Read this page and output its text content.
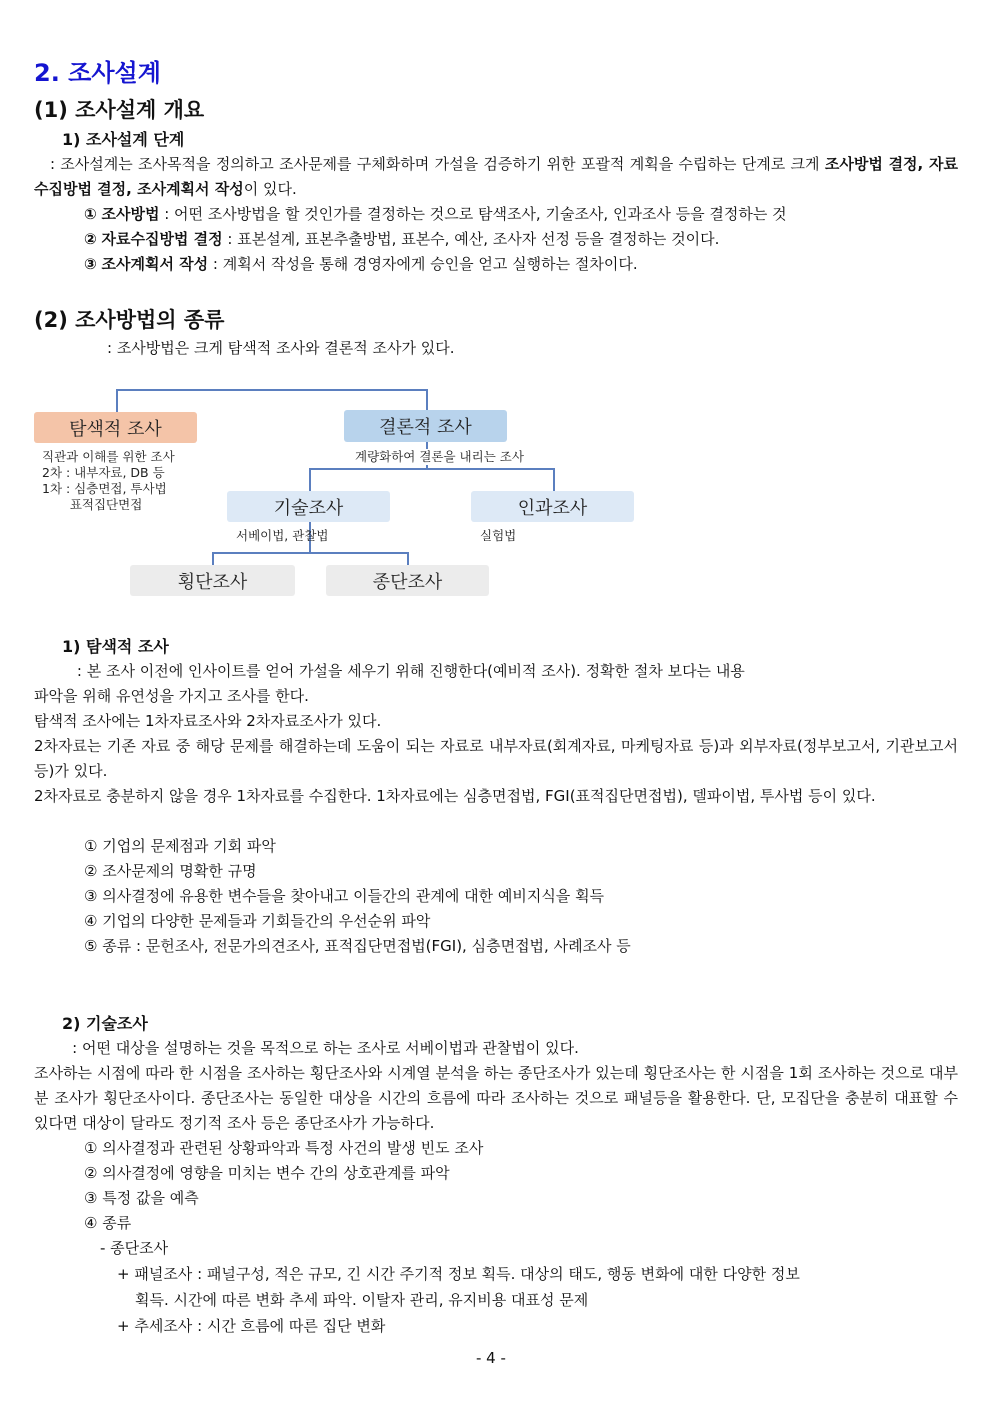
2. 조사설계
(1) 조사설계 개요
1) 조사설계 단계
: 조사설계는 조사목적을 정의하고 조사문제를 구체화하며 가설을 검증하기 위한 포괄적 계획을 수립하는 단계로 크게 조사방법 결정, 자료수집방법 결정, 조사계획서 작성이 있다.
① 조사방법 : 어떤 조사방법을 할 것인가를 결정하는 것으로 탐색조사, 기술조사, 인과조사 등을 결정하는 것
② 자료수집방법 결정 : 표본설계, 표본추출방법, 표본수, 예산, 조사자 선정 등을 결정하는 것이다.
③ 조사계획서 작성 : 계획서 작성을 통해 경영자에게 승인을 얻고 실행하는 절차이다.
(2) 조사방법의 종류
: 조사방법은 크게 탐색적 조사와 결론적 조사가 있다.
탐색적 조사	결론적 조사
직관과 이해를 위한 조사
2차 : 내부자료, DB 등
1차 : 심층면접, 투사법
표적집단면접
계량화하여 결론을 내리는 조사
기술조사	인과조사
서베이법, 관찰법	실험법
횡단조사	종단조사
1) 탐색적 조사
: 본 조사 이전에 인사이트를 얻어 가설을 세우기 위해 진행한다(예비적 조사). 정확한 절차 보다는 내용
파악을 위해 유연성을 가지고 조사를 한다.
탐색적 조사에는 1차자료조사와 2차자료조사가 있다.
2차자료는 기존 자료 중 해당 문제를 해결하는데 도움이 되는 자료로 내부자료(회계자료, 마케팅자료 등)과 외부자료(정부보고서, 기관보고서 등)가 있다.
2차자료로 충분하지 않을 경우 1차자료를 수집한다. 1차자료에는 심층면접법, FGI(표적집단면접법), 델파이법, 투사법 등이 있다.
① 기업의 문제점과 기회 파악
② 조사문제의 명확한 규명
③ 의사결정에 유용한 변수들을 찾아내고 이들간의 관계에 대한 예비지식을 획득
④ 기업의 다양한 문제들과 기회들간의 우선순위 파악
⑤ 종류 : 문헌조사, 전문가의견조사, 표적집단면접법(FGI), 심층면접법, 사례조사 등
2) 기술조사
: 어떤 대상을 설명하는 것을 목적으로 하는 조사로 서베이법과 관찰법이 있다.
조사하는 시점에 따라 한 시점을 조사하는 횡단조사와 시계열 분석을 하는 종단조사가 있는데 횡단조사는 한 시점을 1회 조사하는 것으로 대부분 조사가 횡단조사이다. 종단조사는 동일한 대상을 시간의 흐름에 따라 조사하는 것으로 패널등을 활용한다. 단, 모집단을 충분히 대표할 수 있다면 대상이 달라도 정기적 조사 등은 종단조사가 가능하다.
① 의사결정과 관련된 상황파악과 특정 사건의 발생 빈도 조사
② 의사결정에 영향을 미치는 변수 간의 상호관계를 파악
③ 특정 값을 예측
④ 종류
- 종단조사
+ 패널조사 : 패널구성, 적은 규모, 긴 시간 주기적 정보 획득. 대상의 태도, 행동 변화에 대한 다양한 정보
획득. 시간에 따른 변화 추세 파악. 이탈자 관리, 유지비용 대표성 문제
+ 추세조사 : 시간 흐름에 따른 집단 변화
- 4 -
